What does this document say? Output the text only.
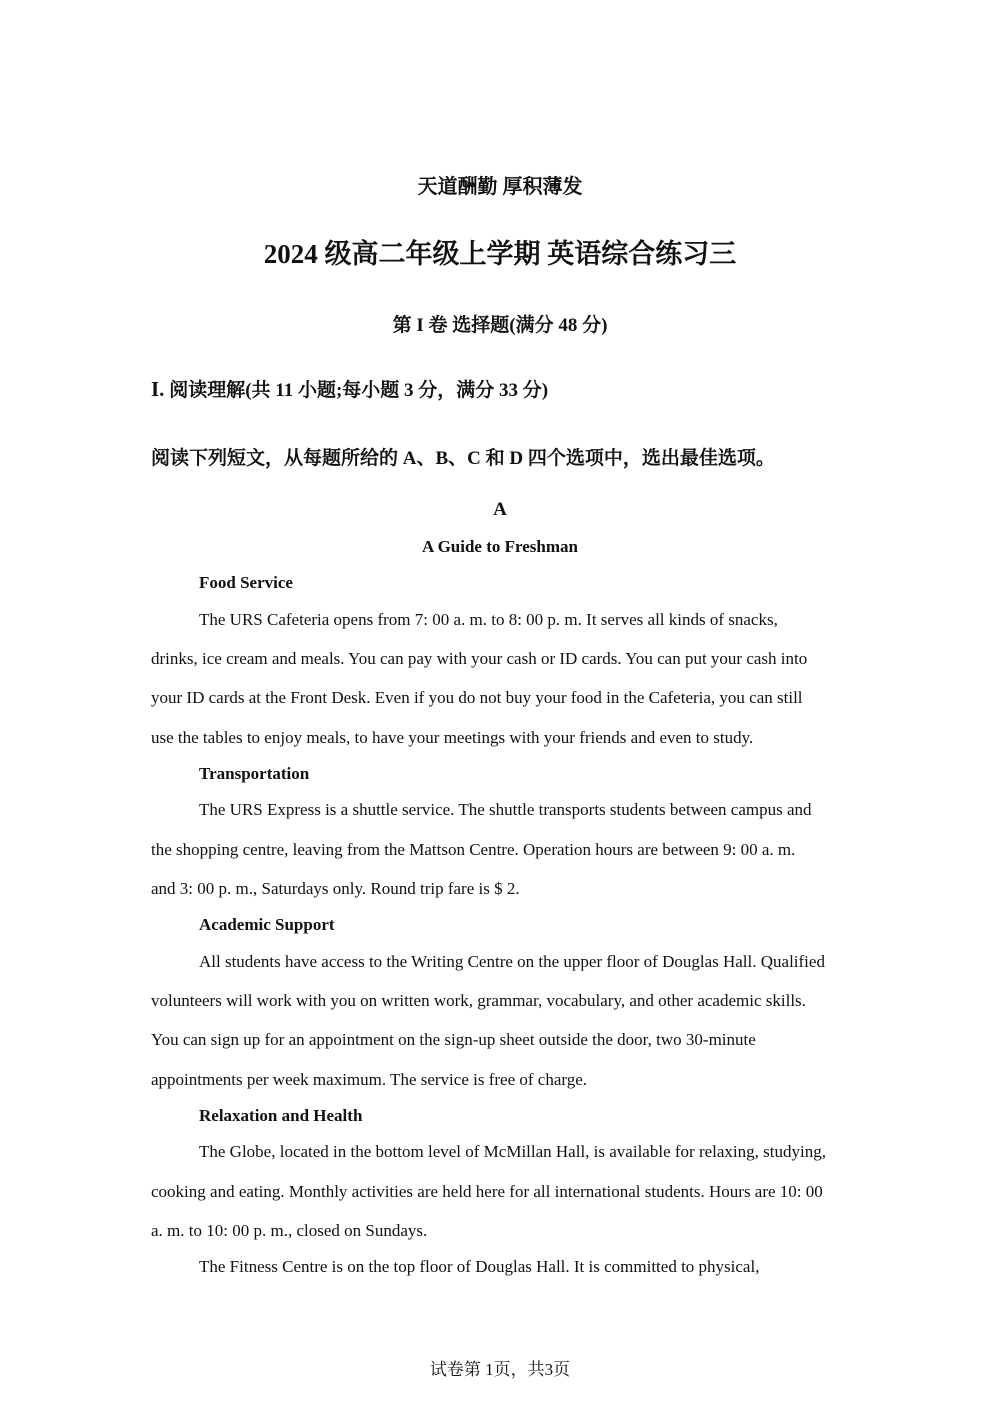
天道酬勤 厚积薄发
2024 级高二年级上学期 英语综合练习三
第 I 卷 选择题(满分 48 分)
I. 阅读理解(共 11 小题;每小题 3 分，满分 33 分)
阅读下列短文，从每题所给的 A、B、C 和 D 四个选项中，选出最佳选项。
A
A Guide to Freshman
Food Service
The URS Cafeteria opens from 7: 00 a. m. to 8: 00 p. m. It serves all kinds of snacks,
drinks, ice cream and meals. You can pay with your cash or ID cards. You can put your cash into
your ID cards at the Front Desk. Even if you do not buy your food in the Cafeteria, you can still
use the tables to enjoy meals, to have your meetings with your friends and even to study.
Transportation
The URS Express is a shuttle service. The shuttle transports students between campus and
the shopping centre, leaving from the Mattson Centre. Operation hours are between 9: 00 a. m.
and 3: 00 p. m., Saturdays only. Round trip fare is $ 2.
Academic Support
All students have access to the Writing Centre on the upper floor of Douglas Hall. Qualified
volunteers will work with you on written work, grammar, vocabulary, and other academic skills.
You can sign up for an appointment on the sign-up sheet outside the door, two 30-minute
appointments per week maximum. The service is free of charge.
Relaxation and Health
The Globe, located in the bottom level of McMillan Hall, is available for relaxing, studying,
cooking and eating. Monthly activities are held here for all international students. Hours are 10: 00
a. m. to 10: 00 p. m., closed on Sundays.
The Fitness Centre is on the top floor of Douglas Hall. It is committed to physical,
试卷第 1页，共3页
